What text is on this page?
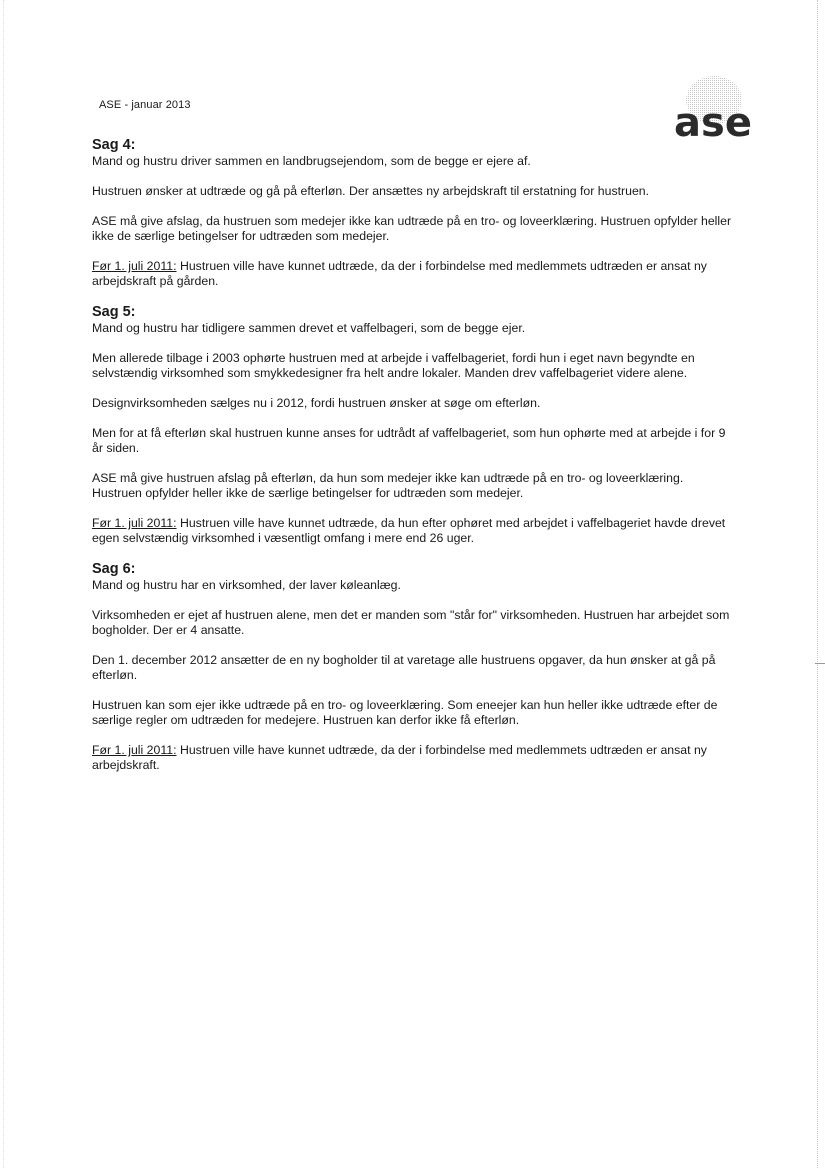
ASE - januar 2013	ase
Sag 4:

Mand og hustru driver sammen en landbrugsejendom, som de begge er ejere af.

Hustruen ønsker at udtræde og gå på efterløn. Der ansættes ny arbejdskraft til erstatning for hustruen.

ASE må give afslag, da hustruen som medejer ikke kan udtræde på en tro- og loveerklæring. Hustruen opfylder heller ikke de særlige betingelser for udtræden som medejer.

Før 1. juli 2011: Hustruen ville have kunnet udtræde, da der i forbindelse med medlemmets udtræden er ansat ny arbejdskraft på gården.

Sag 5:

Mand og hustru har tidligere sammen drevet et vaffelbageri, som de begge ejer.

Men allerede tilbage i 2003 ophørte hustruen med at arbejde i vaffelbageriet, fordi hun i eget navn begyndte en selvstændig virksomhed som smykkedesigner fra helt andre lokaler. Manden drev vaffelbageriet videre alene.

Designvirksomheden sælges nu i 2012, fordi hustruen ønsker at søge om efterløn.

Men for at få efterløn skal hustruen kunne anses for udtrådt af vaffelbageriet, som hun ophørte med at arbejde i for 9 år siden.

ASE må give hustruen afslag på efterløn, da hun som medejer ikke kan udtræde på en tro- og loveerklæring. Hustruen opfylder heller ikke de særlige betingelser for udtræden som medejer.

Før 1. juli 2011: Hustruen ville have kunnet udtræde, da hun efter ophøret med arbejdet i vaffelbageriet havde drevet egen selvstændig virksomhed i væsentligt omfang i mere end 26 uger.

Sag 6:

Mand og hustru har en virksomhed, der laver køleanlæg.

Virksomheden er ejet af hustruen alene, men det er manden som "står for" virksomheden. Hustruen har arbejdet som bogholder. Der er 4 ansatte.

Den 1. december 2012 ansætter de en ny bogholder til at varetage alle hustruens opgaver, da hun ønsker at gå på efterløn.

Hustruen kan som ejer ikke udtræde på en tro- og loveerklæring. Som eneejer kan hun heller ikke udtræde efter de særlige regler om udtræden for medejere. Hustruen kan derfor ikke få efterløn.

Før 1. juli 2011: Hustruen ville have kunnet udtræde, da der i forbindelse med medlemmets udtræden er ansat ny arbejdskraft.
